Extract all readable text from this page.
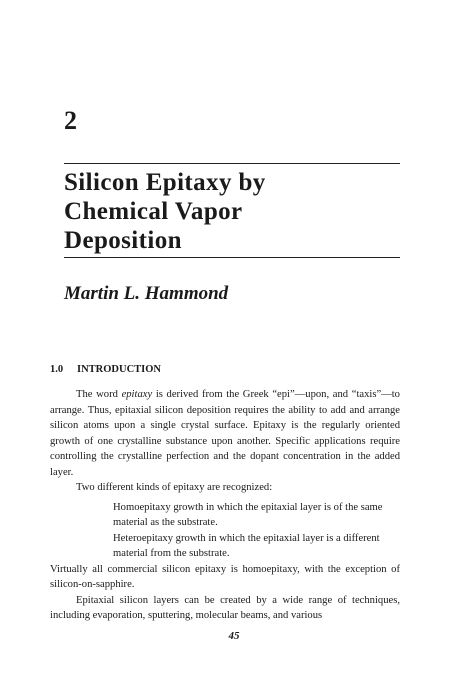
2
Silicon Epitaxy by
Chemical Vapor
Deposition
Martin L. Hammond
1.0 INTRODUCTION

The word epitaxy is derived from the Greek “epi”—upon, and “taxis”—to arrange. Thus, epitaxial silicon deposition requires the ability to add and arrange silicon atoms upon a single crystal surface. Epitaxy is the regularly oriented growth of one crystalline substance upon another. Specific applications require controlling the crystalline perfection and the dopant concentration in the added layer.

Two different kinds of epitaxy are recognized:

Homoepitaxy growth in which the epitaxial layer is of the same material as the substrate.

Heteroepitaxy growth in which the epitaxial layer is a different material from the substrate.

Virtually all commercial silicon epitaxy is homoepitaxy, with the exception of silicon-on-sapphire.

Epitaxial silicon layers can be created by a wide range of techniques, including evaporation, sputtering, molecular beams, and various

45
